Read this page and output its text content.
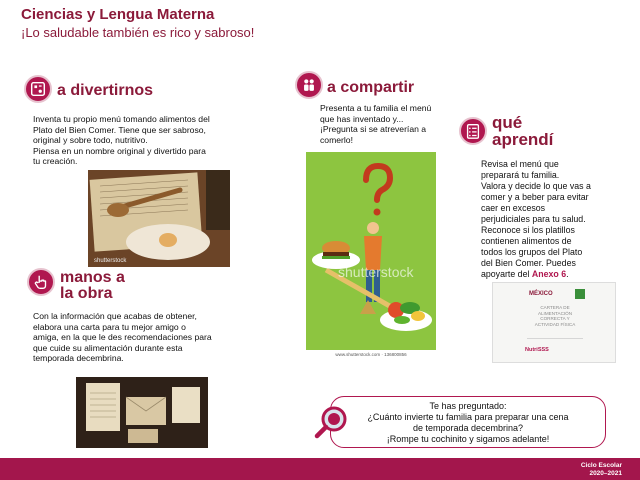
Ciencias y Lengua Materna
¡Lo saludable también es rico y sabroso!
a divertirnos
Inventa tu propio menú tomando alimentos del
Plato del Bien Comer. Tiene que ser sabroso,
original y sobre todo, nutritivo.
Piensa en un nombre original y divertido para
tu creación.
shutterstock
manos a
la obra
Con la información que acabas de obtener,
elabora una carta para tu mejor amigo o
amiga, en la que le des recomendaciones para
que cuide su alimentación durante esta
temporada decembrina.
a compartir
Presenta a tu familia el menú
que has inventado y...
¡Pregunta si se atreverían a
comerlo!
shutterstock
www.shutterstock.com · 136800856
qué
aprendí
Revisa el menú que
preparará tu familia.
Valora y decide lo que vas a
comer y a beber para evitar
caer en excesos
perjudiciales para tu salud.
Reconoce si los platillos
contienen alimentos de
todos los grupos del Plato
del Bien Comer. Puedes
apoyarte del Anexo 6.
MÉXICO
CARTERA DE
ALIMENTACIÓN
CORRECTA Y
ACTIVIDAD FÍSICA
NutriSSS
Te has preguntado:
¿Cuánto invierte tu familia para preparar una cena
de temporada decembrina?
¡Rompe tu cochinito y sigamos adelante!
Ciclo Escolar
2020–2021
